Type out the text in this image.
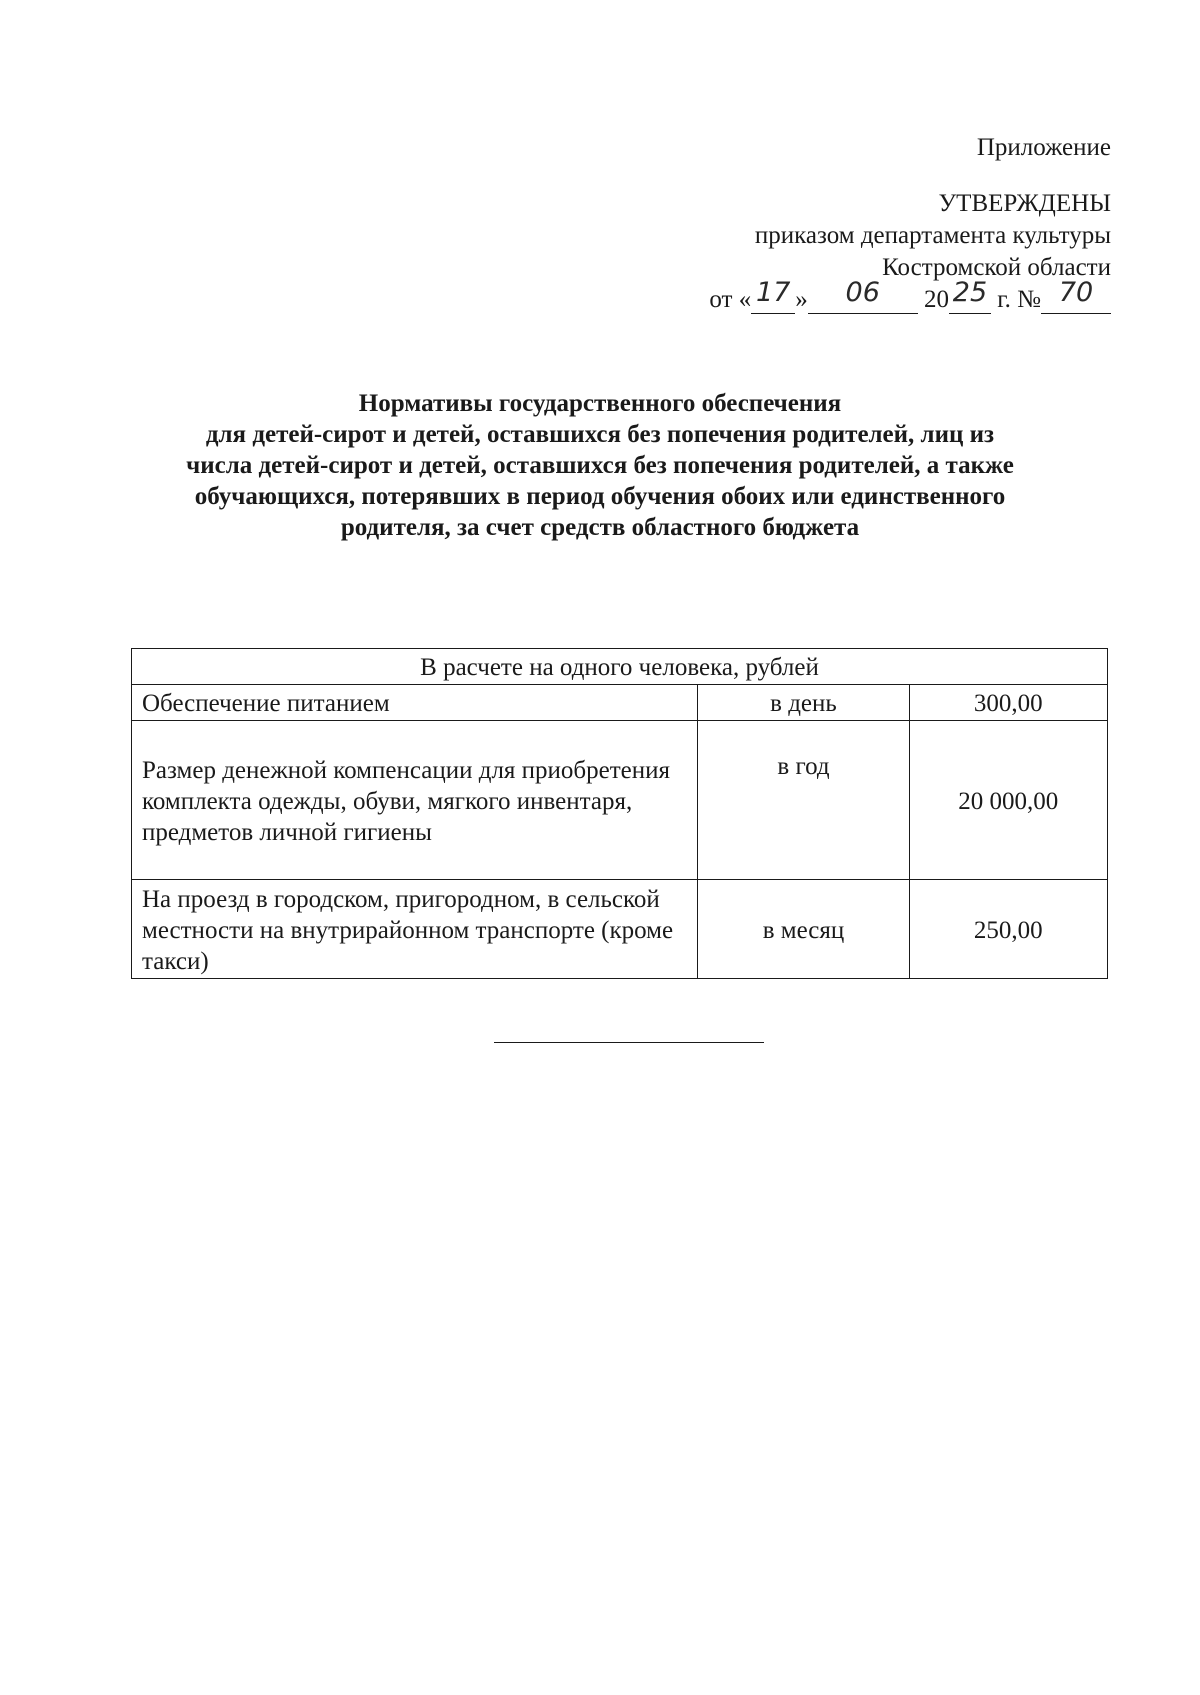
Приложение
УТВЕРЖДЕНЫ
приказом департамента культуры
Костромской области
от « 17 » 06 20 25 г. № 70
Нормативы государственного обеспечения
для детей-сирот и детей, оставшихся без попечения родителей, лиц из
числа детей-сирот и детей, оставшихся без попечения родителей, а также
обучающихся, потерявших в период обучения обоих или единственного
родителя, за счет средств областного бюджета
В расчете на одного человека, рублей		
Обеспечение питанием	в день	300,00
Размер денежной компенсации для приобретения комплекта одежды, обуви, мягкого инвентаря, предметов личной гигиены	в год	20 000,00
На проезд в городском, пригородном, в сельской местности на внутрирайонном транспорте (кроме такси)	в месяц	250,00
